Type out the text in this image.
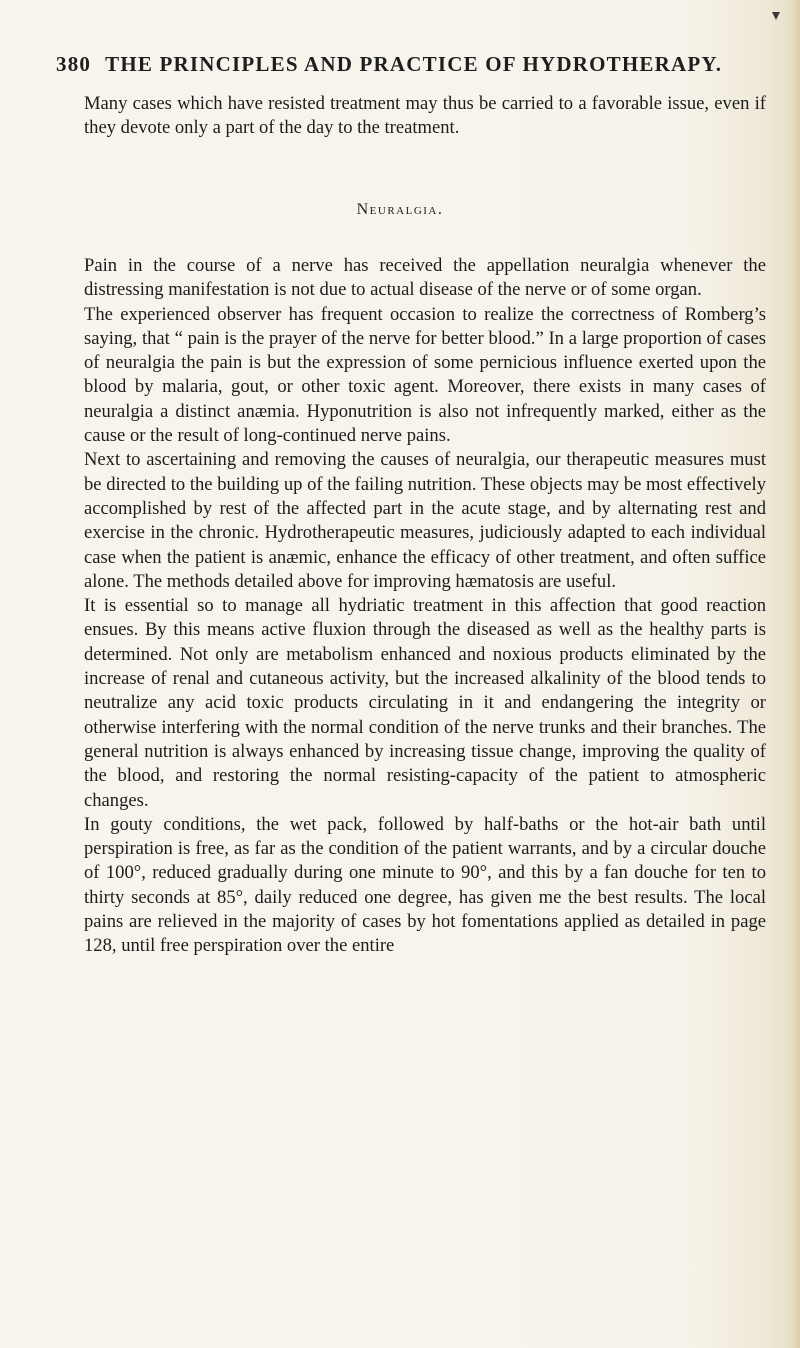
380 THE PRINCIPLES AND PRACTICE OF HYDROTHERAPY.

Many cases which have resisted treatment may thus be carried to a favorable issue, even if they devote only a part of the day to the treatment.

Neuralgia.

Pain in the course of a nerve has received the appellation neuralgia whenever the distressing manifestation is not due to actual disease of the nerve or of some organ.

The experienced observer has frequent occasion to realize the correctness of Romberg’s saying, that “ pain is the prayer of the nerve for better blood.” In a large proportion of cases of neuralgia the pain is but the expression of some pernicious influence exerted upon the blood by malaria, gout, or other toxic agent. Moreover, there exists in many cases of neuralgia a distinct anæmia. Hyponutrition is also not infrequently marked, either as the cause or the result of long-continued nerve pains.

Next to ascertaining and removing the causes of neuralgia, our therapeutic measures must be directed to the building up of the failing nutrition. These objects may be most effectively accomplished by rest of the affected part in the acute stage, and by alternating rest and exercise in the chronic. Hydrotherapeutic measures, judiciously adapted to each individual case when the patient is anæmic, enhance the efficacy of other treatment, and often suffice alone. The methods detailed above for improving hæmatosis are useful.

It is essential so to manage all hydriatic treatment in this affection that good reaction ensues. By this means active fluxion through the diseased as well as the healthy parts is determined. Not only are metabolism enhanced and noxious products eliminated by the increase of renal and cutaneous activity, but the increased alkalinity of the blood tends to neutralize any acid toxic products circulating in it and endangering the integrity or otherwise interfering with the normal condition of the nerve trunks and their branches. The general nutrition is always enhanced by increasing tissue change, improving the quality of the blood, and restoring the normal resisting-capacity of the patient to atmospheric changes.

In gouty conditions, the wet pack, followed by half-baths or the hot-air bath until perspiration is free, as far as the condition of the patient warrants, and by a circular douche of 100°, reduced gradually during one minute to 90°, and this by a fan douche for ten to thirty seconds at 85°, daily reduced one degree, has given me the best results. The local pains are relieved in the majority of cases by hot fomentations applied as detailed in page 128, until free perspiration over the entire
